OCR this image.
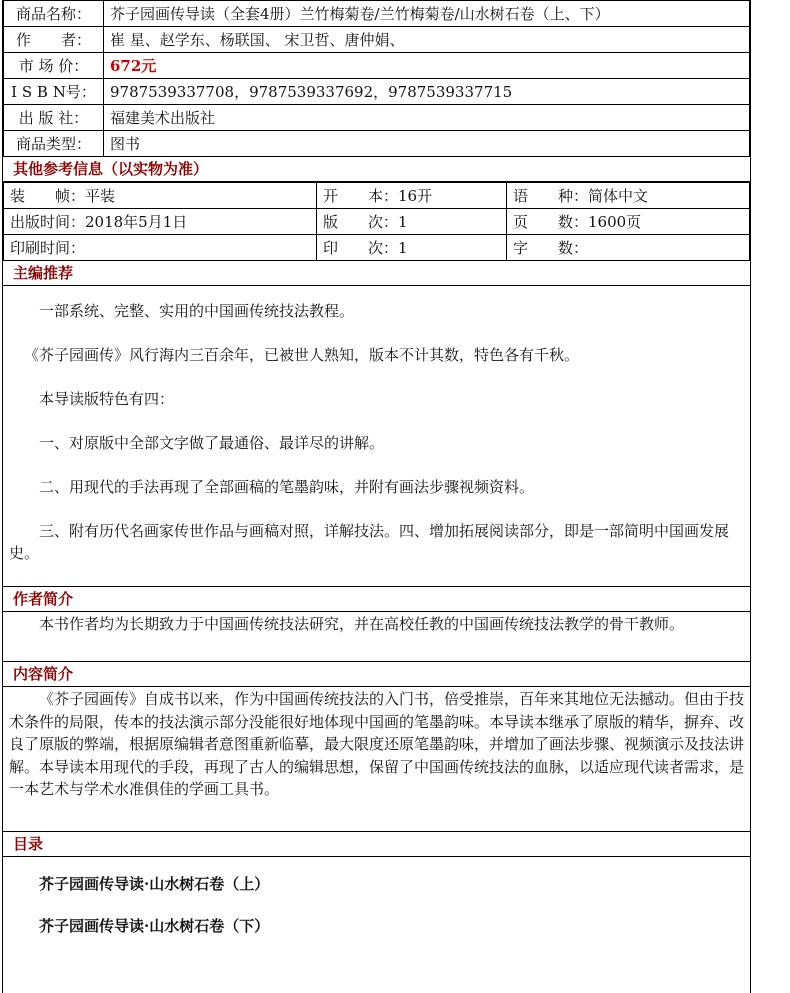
商品名称：	芥子园画传导读（全套4册）兰竹梅菊卷/兰竹梅菊卷/山水树石卷（上、下）
作　　者：	崔 星、赵学东、杨联国、 宋卫哲、唐仲娟、
市 场 价：	672元
I S B N号：	9787539337708，9787539337692，9787539337715
出 版 社：	福建美术出版社
商品类型：	图书
其他参考信息（以实物为准）
装　　帧：平装	开　　本：16开	语　　种：简体中文
出版时间：2018年5月1日	版　　次：1	页　　数：1600页
印刷时间：	印　　次：1	字　　数：
主编推荐

一部系统、完整、实用的中国画传统技法教程。

《芥子园画传》风行海内三百余年，已被世人熟知，版本不计其数，特色各有千秋。

本导读版特色有四：

一、对原版中全部文字做了最通俗、最详尽的讲解。

二、用现代的手法再现了全部画稿的笔墨韵味，并附有画法步骤视频资料。

三、附有历代名画家传世作品与画稿对照，详解技法。四、增加拓展阅读部分，即是一部简明中国画发展史。

作者简介

本书作者均为长期致力于中国画传统技法研究，并在高校任教的中国画传统技法教学的骨干教师。

内容简介

《芥子园画传》自成书以来，作为中国画传统技法的入门书，倍受推崇，百年来其地位无法撼动。但由于技术条件的局限，传本的技法演示部分没能很好地体现中国画的笔墨韵味。本导读本继承了原版的精华，摒弃、改良了原版的弊端，根据原编辑者意图重新临摹，最大限度还原笔墨韵味，并增加了画法步骤、视频演示及技法讲解。本导读本用现代的手段，再现了古人的编辑思想，保留了中国画传统技法的血脉，以适应现代读者需求，是一本艺术与学术水准俱佳的学画工具书。

目录

芥子园画传导读·山水树石卷（上）

芥子园画传导读·山水树石卷（下）
